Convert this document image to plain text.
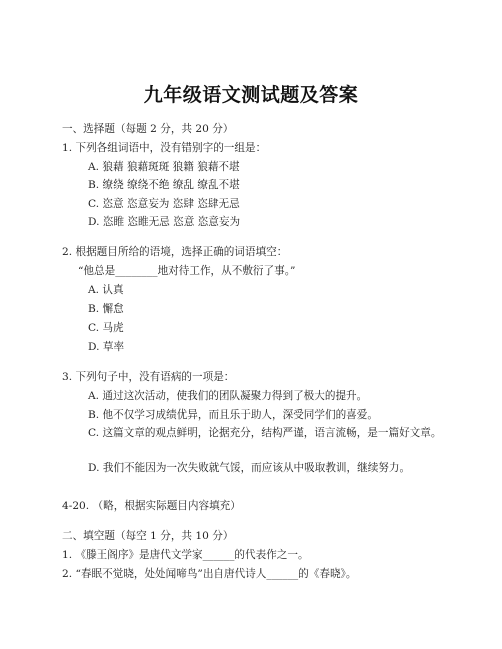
九年级语文测试题及答案
一、选择题（每题 2 分，共 20 分）
1. 下列各组词语中，没有错别字的一组是：
A. 狼藉 狼藉斑斑 狼籍 狼藉不堪
B. 缭绕 缭绕不绝 缭乱 缭乱不堪
C. 恣意 恣意妄为 恣肆 恣肆无忌
D. 恣睢 恣睢无忌 恣意 恣意妄为
2. 根据题目所给的语境，选择正确的词语填空：
“他总是________地对待工作，从不敷衍了事。”
A. 认真
B. 懈怠
C. 马虎
D. 草率
3. 下列句子中，没有语病的一项是：
A. 通过这次活动，使我们的团队凝聚力得到了极大的提升。
B. 他不仅学习成绩优异，而且乐于助人，深受同学们的喜爱。
C. 这篇文章的观点鲜明，论据充分，结构严谨，语言流畅，是一篇好文章。
D. 我们不能因为一次失败就气馁，而应该从中吸取教训，继续努力。
4-20. （略，根据实际题目内容填充）
二、填空题（每空 1 分，共 10 分）
1. 《滕王阁序》是唐代文学家______的代表作之一。
2. “春眠不觉晓，处处闻啼鸟”出自唐代诗人______的《春晓》。
